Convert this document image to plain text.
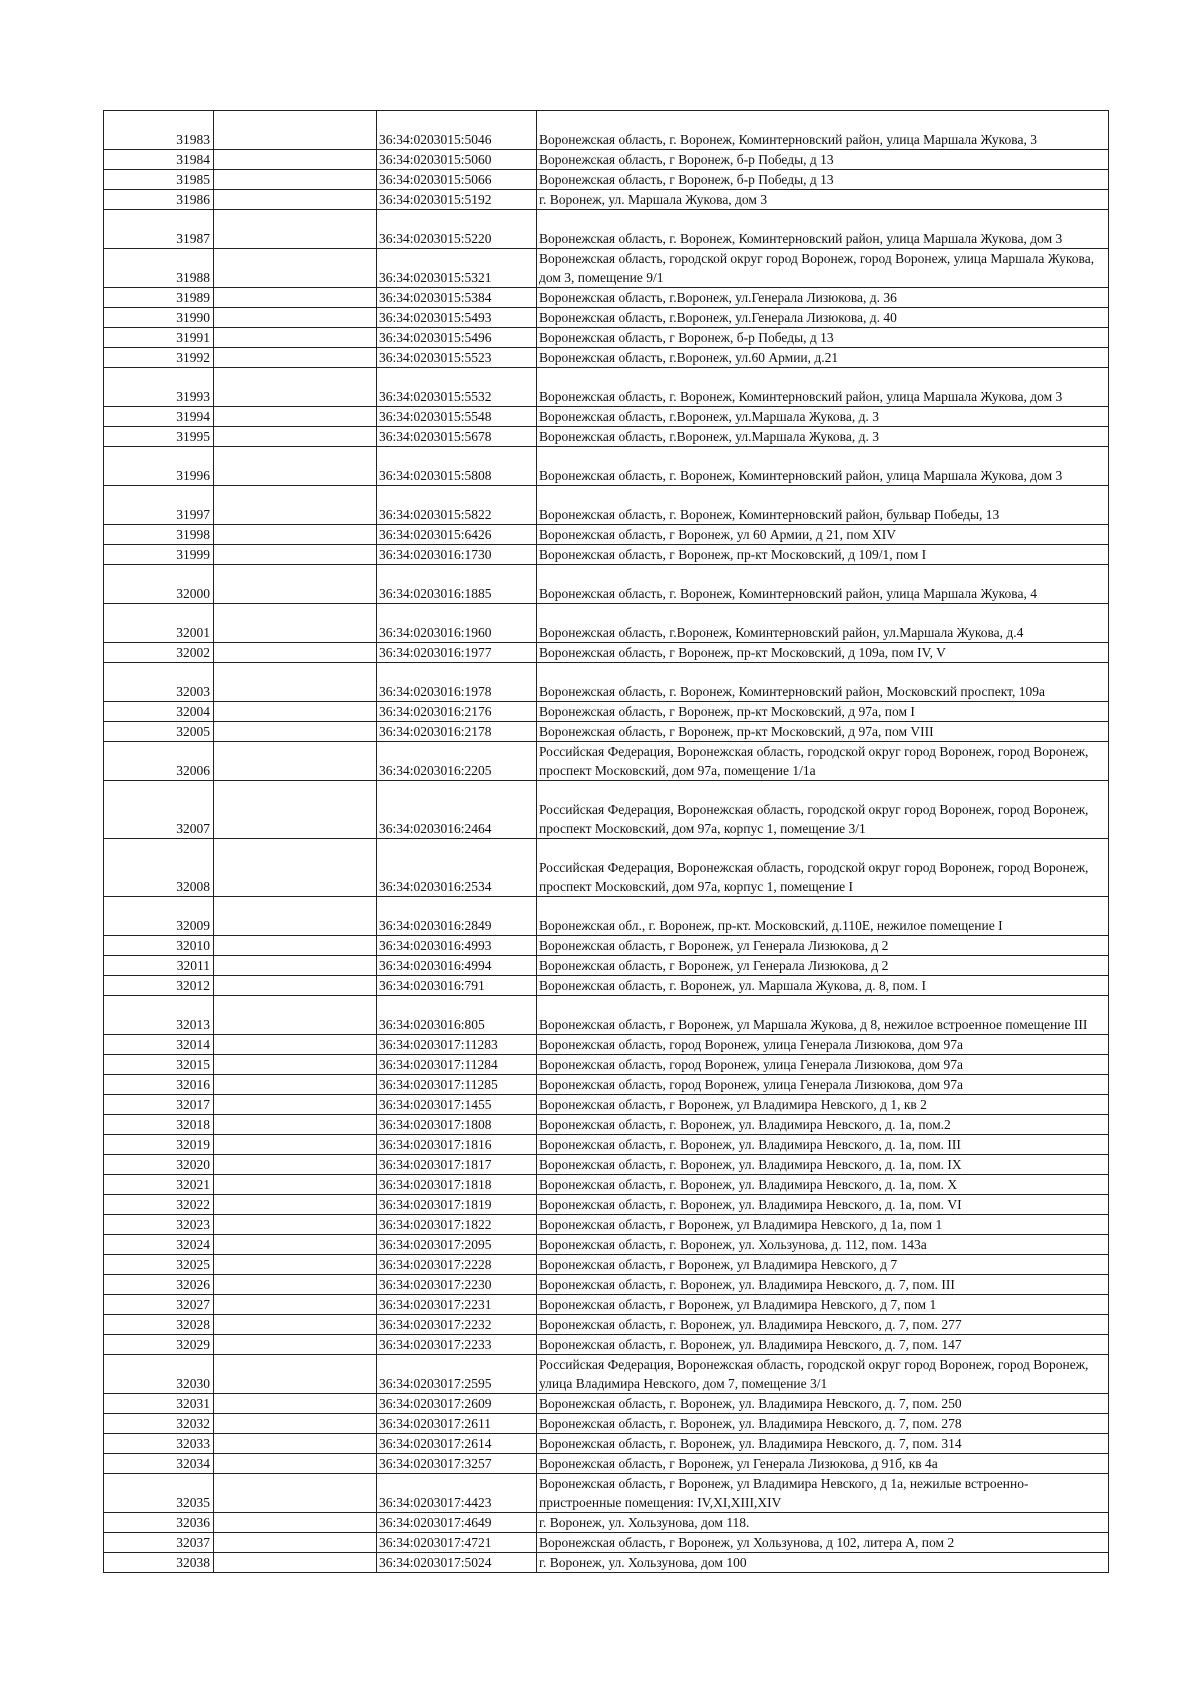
31983		36:34:0203015:5046	Воронежская область, г. Воронеж, Коминтерновский район, улица Маршала Жукова, 3
31984		36:34:0203015:5060	Воронежская область, г Воронеж, б-р Победы, д 13
31985		36:34:0203015:5066	Воронежская область, г Воронеж, б-р Победы, д 13
31986		36:34:0203015:5192	г. Воронеж, ул. Маршала Жукова, дом 3
31987		36:34:0203015:5220	Воронежская область, г. Воронеж, Коминтерновский район, улица Маршала Жукова, дом 3
31988		36:34:0203015:5321	Воронежская область, городской округ город Воронеж, город Воронеж, улица Маршала Жукова, дом 3, помещение 9/1
31989		36:34:0203015:5384	Воронежская область, г.Воронеж, ул.Генерала Лизюкова, д. 36
31990		36:34:0203015:5493	Воронежская область, г.Воронеж, ул.Генерала Лизюкова, д. 40
31991		36:34:0203015:5496	Воронежская область, г Воронеж, б-р Победы, д 13
31992		36:34:0203015:5523	Воронежская область, г.Воронеж, ул.60 Армии, д.21
31993		36:34:0203015:5532	Воронежская область, г. Воронеж, Коминтерновский район, улица Маршала Жукова, дом 3
31994		36:34:0203015:5548	Воронежская область, г.Воронеж, ул.Маршала Жукова, д. 3
31995		36:34:0203015:5678	Воронежская область, г.Воронеж, ул.Маршала Жукова, д. 3
31996		36:34:0203015:5808	Воронежская область, г. Воронеж, Коминтерновский район, улица Маршала Жукова, дом 3
31997		36:34:0203015:5822	Воронежская область, г. Воронеж, Коминтерновский район, бульвар Победы, 13
31998		36:34:0203015:6426	Воронежская область, г Воронеж, ул 60 Армии, д 21, пом XIV
31999		36:34:0203016:1730	Воронежская область, г Воронеж, пр-кт Московский, д 109/1, пом I
32000		36:34:0203016:1885	Воронежская область, г. Воронеж, Коминтерновский район, улица Маршала Жукова, 4
32001		36:34:0203016:1960	Воронежская область, г.Воронеж, Коминтерновский район, ул.Маршала Жукова, д.4
32002		36:34:0203016:1977	Воронежская область, г Воронеж, пр-кт Московский, д 109а, пом IV, V
32003		36:34:0203016:1978	Воронежская область, г. Воронеж, Коминтерновский район, Московский проспект, 109а
32004		36:34:0203016:2176	Воронежская область, г Воронеж, пр-кт Московский, д 97а, пом I
32005		36:34:0203016:2178	Воронежская область, г Воронеж, пр-кт Московский, д 97а, пом VIII
32006		36:34:0203016:2205	Российская Федерация, Воронежская область, городской округ город Воронеж, город Воронеж, проспект Московский, дом 97а, помещение 1/1а
32007		36:34:0203016:2464	Российская Федерация, Воронежская область, городской округ город Воронеж, город Воронеж, проспект Московский, дом 97а, корпус 1, помещение 3/1
32008		36:34:0203016:2534	Российская Федерация, Воронежская область, городской округ город Воронеж, город Воронеж, проспект Московский, дом 97а, корпус 1, помещение I
32009		36:34:0203016:2849	Воронежская обл., г. Воронеж, пр-кт. Московский, д.110Е, нежилое помещение I
32010		36:34:0203016:4993	Воронежская область, г Воронеж, ул Генерала Лизюкова, д 2
32011		36:34:0203016:4994	Воронежская область, г Воронеж, ул Генерала Лизюкова, д 2
32012		36:34:0203016:791	Воронежская область, г. Воронеж, ул. Маршала Жукова, д. 8, пом. I
32013		36:34:0203016:805	Воронежская область, г Воронеж, ул Маршала Жукова, д 8, нежилое встроенное помещение III
32014		36:34:0203017:11283	Воронежская область, город Воронеж, улица Генерала Лизюкова, дом 97а
32015		36:34:0203017:11284	Воронежская область, город Воронеж, улица Генерала Лизюкова, дом 97а
32016		36:34:0203017:11285	Воронежская область, город Воронеж, улица Генерала Лизюкова, дом 97а
32017		36:34:0203017:1455	Воронежская область, г Воронеж, ул Владимира Невского, д 1, кв 2
32018		36:34:0203017:1808	Воронежская область, г. Воронеж, ул. Владимира Невского, д. 1а, пом.2
32019		36:34:0203017:1816	Воронежская область, г. Воронеж, ул. Владимира Невского, д. 1а, пом. III
32020		36:34:0203017:1817	Воронежская область, г. Воронеж, ул. Владимира Невского, д. 1а, пом. IX
32021		36:34:0203017:1818	Воронежская область, г. Воронеж, ул. Владимира Невского, д. 1а, пом. X
32022		36:34:0203017:1819	Воронежская область, г. Воронеж, ул. Владимира Невского, д. 1а, пом. VI
32023		36:34:0203017:1822	Воронежская область, г Воронеж, ул Владимира Невского, д 1а, пом 1
32024		36:34:0203017:2095	Воронежская область, г. Воронеж, ул. Хользунова, д. 112, пом. 143а
32025		36:34:0203017:2228	Воронежская область, г Воронеж, ул Владимира Невского, д 7
32026		36:34:0203017:2230	Воронежская область, г. Воронеж, ул. Владимира Невского, д. 7, пом. III
32027		36:34:0203017:2231	Воронежская область, г Воронеж, ул Владимира Невского, д 7, пом 1
32028		36:34:0203017:2232	Воронежская область, г. Воронеж, ул. Владимира Невского, д. 7, пом. 277
32029		36:34:0203017:2233	Воронежская область, г. Воронеж, ул. Владимира Невского, д. 7, пом. 147
32030		36:34:0203017:2595	Российская Федерация, Воронежская область, городской округ город Воронеж, город Воронеж, улица Владимира Невского, дом 7, помещение 3/1
32031		36:34:0203017:2609	Воронежская область, г. Воронеж, ул. Владимира Невского, д. 7, пом. 250
32032		36:34:0203017:2611	Воронежская область, г. Воронеж, ул. Владимира Невского, д. 7, пом. 278
32033		36:34:0203017:2614	Воронежская область, г. Воронеж, ул. Владимира Невского, д. 7, пом. 314
32034		36:34:0203017:3257	Воронежская область, г Воронеж, ул Генерала Лизюкова, д 91б, кв 4а
32035		36:34:0203017:4423	Воронежская область, г Воронеж, ул Владимира Невского, д 1а, нежилые встроенно-пристроенные помещения: IV,XI,XIII,XIV
32036		36:34:0203017:4649	г. Воронеж, ул. Хользунова, дом 118.
32037		36:34:0203017:4721	Воронежская область, г Воронеж, ул Хользунова, д 102, литера А, пом 2
32038		36:34:0203017:5024	г. Воронеж, ул. Хользунова, дом 100
